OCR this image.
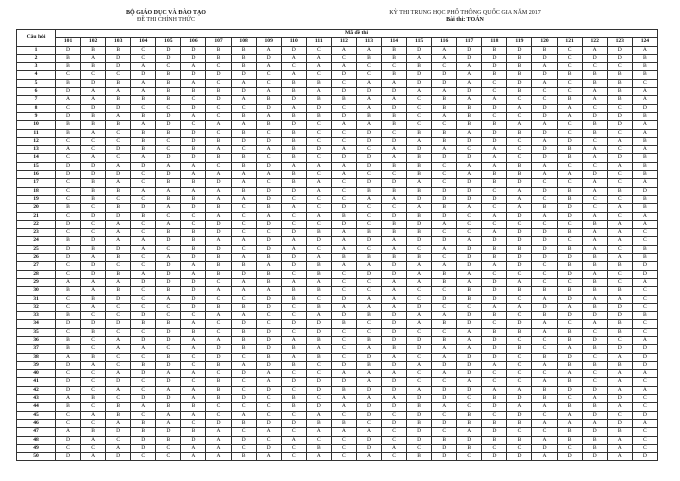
BỘ GIÁO DỤC VÀ ĐÀO TẠO
ĐỀ THI CHÍNH THỨC
KỲ THI TRUNG HỌC PHỔ THÔNG QUỐC GIA NĂM 2017
Bài thi: TOÁN
Câu hỏi	Mã đề thi																							
	101	102	103	104	105	106	107	108	109	110	111	112	113	114	115	116	117	118	119	120	121	122	123	124
1	D	B	B	C	D	D	B	B	A	D	C	A	A	B	D	A	D	B	D	B	C	A	D	A
2	B	A	D	C	D	D	B	B	D	A	A	C	B	B	A	A	D	D	B	D	C	D	D	B
3	B	B	D	A	C	A	C	B	A	C	A	A	C	C	B	C	A	D	B	A	C	C	C	B
4	C	C	C	D	B	D	D	D	C	A	C	D	C	B	D	D	A	B	B	D	B	B	B	B
5	B	D	B	A	B	A	C	A	C	B	B	C	A	A	D	D	A	C	D	A	C	B	B	C
6	D	A	A	A	B	B	B	D	A	B	A	D	D	D	A	A	D	C	B	C	C	A	B	A
7	A	A	B	B	B	C	D	A	B	D	B	B	A	A	C	B	A	A	C	C	B	A	B	A
8	C	D	D	C	C	D	C	C	D	A	D	C	A	D	C	B	B	D	A	D	A	C	C	D
9	D	B	A	B	D	A	C	B	A	B	B	D	B	B	C	A	B	C	C	D	A	D	D	B
10	B	B	B	A	D	C	A	A	B	D	C	A	A	B	C	C	B	B	A	A	C	B	D	A
11	B	A	C	B	B	D	C	B	C	B	C	C	D	C	B	B	A	D	B	D	C	B	C	A
12	C	C	C	B	C	D	B	D	D	B	C	C	D	D	A	B	D	D	C	A	D	C	A	B
13	A	C	D	B	C	B	A	C	A	B	D	A	C	A	D	A	C	A	C	D	B	A	C	A
14	C	A	C	A	D	D	B	B	C	B	C	D	D	A	B	D	D	A	C	D	B	A	D	B
15	D	D	A	D	A	A	C	B	D	A	A	A	D	B	B	C	A	A	B	A	C	C	A	B
16	D	D	D	C	D	A	A	A	A	B	C	A	C	C	B	C	A	B	B	A	A	D	C	B
17	C	B	A	C	B	B	D	A	C	B	A	C	D	D	A	C	D	B	D	C	C	A	C	A
18	C	B	B	A	A	A	A	B	D	D	A	C	B	B	B	D	D	C	A	D	B	A	B	D
19	C	B	C	C	B	B	A	A	D	C	C	C	A	A	D	D	D	D	A	C	B	C	C	B
20	B	C	B	D	A	D	B	C	B	A	C	D	C	C	A	B	A	C	A	B	D	C	A	B
21	C	D	D	B	C	C	A	C	A	C	A	B	C	D	B	D	C	A	D	A	D	A	C	A
22	D	C	A	C	A	C	D	C	D	C	C	D	C	B	D	A	C	C	C	C	C	B	A	A
23	C	C	A	C	B	B	D	C	C	D	B	A	B	B	B	C	C	A	D	D	B	A	A	C
24	B	D	A	A	D	B	A	A	D	A	D	A	D	A	D	D	A	D	D	D	C	A	A	C
25	D	B	D	A	C	B	D	C	D	A	C	A	C	A	C	A	D	B	B	D	B	A	C	B
26	D	A	B	C	A	D	B	A	B	D	A	B	B	B	B	C	D	B	D	D	D	B	A	B
27	C	D	C	C	D	A	B	B	A	D	B	A	A	D	A	A	D	A	D	C	B	B	B	D
28	C	D	B	A	D	A	B	D	B	C	B	C	D	D	A	B	A	C	C	C	D	A	C	D
29	A	A	A	D	D	D	C	A	B	A	A	C	C	A	A	B	A	D	A	C	C	B	C	A
30	B	A	B	C	B	D	A	A	A	B	B	C	C	A	C	C	B	D	B	B	B	B	B	C
31	C	B	D	C	A	D	C	C	D	B	C	D	A	A	C	D	B	D	C	A	D	A	A	C
32	C	A	C	C	C	D	B	B	D	C	B	A	A	A	D	C	C	A	A	D	A	B	D	C
33	B	C	C	D	C	C	A	A	C	C	A	D	B	D	A	A	D	B	C	B	D	D	D	B
34	D	D	D	B	B	A	C	D	C	D	D	B	C	D	A	B	D	C	D	A	C	A	B	C
35	C	B	C	C	D	B	C	B	D	C	D	C	C	D	C	C	A	B	B	A	B	C	B	C
36	B	C	A	D	D	A	A	B	D	A	B	C	B	D	D	B	A	D	C	C	B	D	C	A
37	B	C	A	A	C	A	D	B	D	B	A	C	A	B	D	A	A	D	B	C	A	B	D	D
38	A	B	C	C	B	C	D	C	B	A	B	C	D	A	C	A	D	D	C	B	D	C	A	D
39	D	A	C	B	D	C	B	A	D	B	C	D	B	D	A	D	D	A	C	A	B	B	B	D
40	C	C	A	D	A	A	C	D	A	C	C	A	A	A	C	A	D	C	C	C	A	C	A	A
41	D	C	D	C	D	C	B	C	A	D	D	D	A	D	C	C	A	C	C	A	B	C	A	C
42	D	C	A	C	A	A	B	C	D	C	D	B	D	D	A	D	D	A	A	B	D	D	A	A
43	A	B	C	D	D	A	B	D	C	B	C	A	A	A	D	D	C	B	D	B	C	A	D	C
44	B	C	B	A	B	B	C	C	C	B	D	A	D	D	B	A	C	D	A	A	B	B	A	C
45	C	A	B	C	A	A	C	A	C	C	A	C	D	C	D	C	B	C	D	C	A	D	C	D
46	C	C	A	B	A	C	D	B	D	D	B	B	C	D	B	D	B	B	B	A	A	A	D	A
47	A	B	D	B	D	B	A	C	A	C	A	A	A	C	D	C	A	D	C	C	B	D	B	C
48	D	A	C	D	B	D	A	D	C	A	C	C	D	C	D	B	D	B	B	A	B	B	A	C
49	C	C	A	D	C	A	A	C	D	C	B	C	D	A	C	D	B	C	C	D	C	B	A	C
50	D	A	D	C	C	A	A	B	A	C	A	C	A	C	B	D	C	D	D	A	D	D	A	D
